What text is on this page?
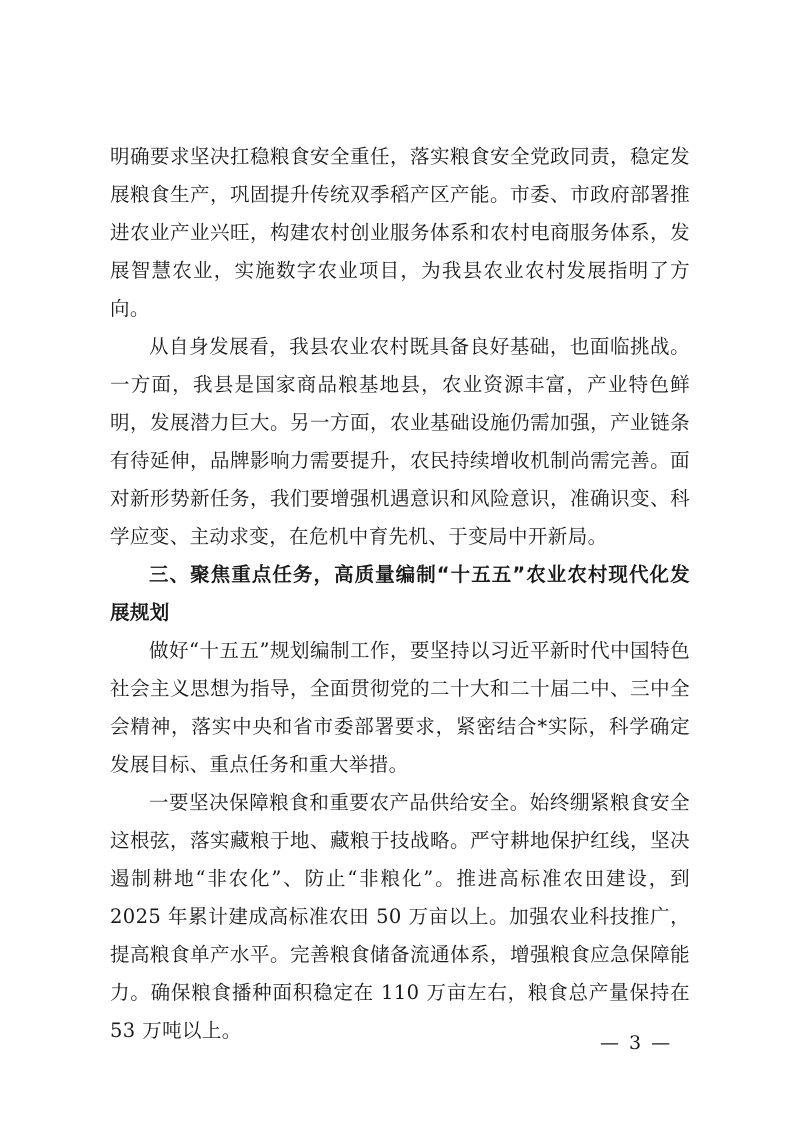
明确要求坚决扛稳粮食安全重任，落实粮食安全党政同责，稳定发展粮食生产，巩固提升传统双季稻产区产能。市委、市政府部署推进农业产业兴旺，构建农村创业服务体系和农村电商服务体系，发展智慧农业，实施数字农业项目，为我县农业农村发展指明了方向。

从自身发展看，我县农业农村既具备良好基础，也面临挑战。一方面，我县是国家商品粮基地县，农业资源丰富，产业特色鲜明，发展潜力巨大。另一方面，农业基础设施仍需加强，产业链条有待延伸，品牌影响力需要提升，农民持续增收机制尚需完善。面对新形势新任务，我们要增强机遇意识和风险意识，准确识变、科学应变、主动求变，在危机中育先机、于变局中开新局。

三、聚焦重点任务，高质量编制“十五五”农业农村现代化发展规划

做好“十五五”规划编制工作，要坚持以习近平新时代中国特色社会主义思想为指导，全面贯彻党的二十大和二十届二中、三中全会精神，落实中央和省市委部署要求，紧密结合*实际，科学确定发展目标、重点任务和重大举措。

一要坚决保障粮食和重要农产品供给安全。始终绷紧粮食安全这根弦，落实藏粮于地、藏粮于技战略。严守耕地保护红线，坚决遏制耕地“非农化”、防止“非粮化”。推进高标准农田建设，到 2025 年累计建成高标准农田 50 万亩以上。加强农业科技推广，提高粮食单产水平。完善粮食储备流通体系，增强粮食应急保障能力。确保粮食播种面积稳定在 110 万亩左右，粮食总产量保持在 53 万吨以上。

— 3 —
